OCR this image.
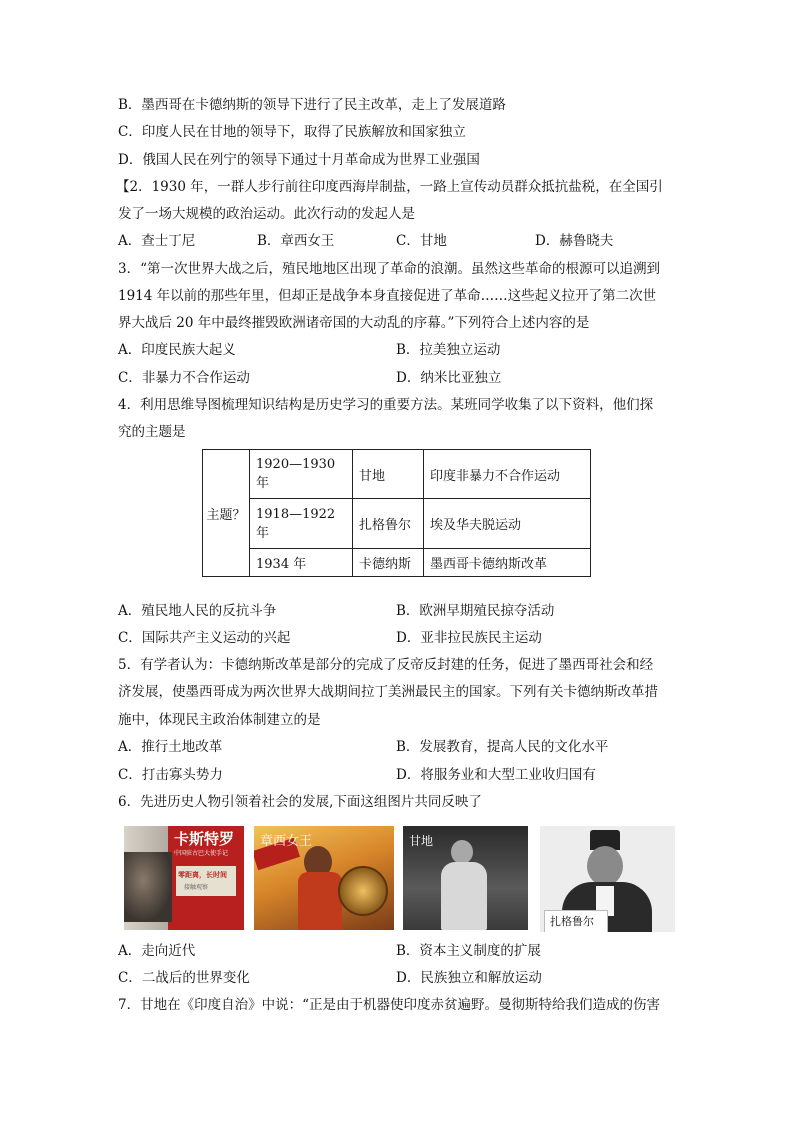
B．墨西哥在卡德纳斯的领导下进行了民主改革，走上了发展道路
C．印度人民在甘地的领导下，取得了民族解放和国家独立
D．俄国人民在列宁的领导下通过十月革命成为世界工业强国
【2．1930 年，一群人步行前往印度西海岸制盐，一路上宣传动员群众抵抗盐税，在全国引
发了一场大规模的政治运动。此次行动的发起人是
A．查士丁尼	B．章西女王	C．甘地	D．赫鲁晓夫
3．“第一次世界大战之后，殖民地地区出现了革命的浪潮。虽然这些革命的根源可以追溯到
1914 年以前的那些年里，但却正是战争本身直接促进了革命……这些起义拉开了第二次世
界大战后 20 年中最终摧毁欧洲诸帝国的大动乱的序幕。”下列符合上述内容的是
A．印度民族大起义	B．拉美独立运动
C．非暴力不合作运动	D．纳米比亚独立
4．利用思维导图梳理知识结构是历史学习的重要方法。某班同学收集了以下资料，他们探
究的主题是
主题？	1920—1930 年	甘地	印度非暴力不合作运动
	1918—1922 年	扎格鲁尔	埃及华夫脱运动
	1934 年	卡德纳斯	墨西哥卡德纳斯改革
A．殖民地人民的反抗斗争	B．欧洲早期殖民掠夺活动
C．国际共产主义运动的兴起	D．亚非拉民族民主运动
5．有学者认为：卡德纳斯改革是部分的完成了反帝反封建的任务，促进了墨西哥社会和经
济发展，使墨西哥成为两次世界大战期间拉丁美洲最民主的国家。下列有关卡德纳斯改革措
施中，体现民主政治体制建立的是
A．推行土地改革	B．发展教育，提高人民的文化水平
C．打击寡头势力	D．将服务业和大型工业收归国有
6．先进历史人物引领着社会的发展,下面这组图片共同反映了
卡斯特罗
中国驻古巴大使手记
零距离，长时间
接触观察
章西女王	甘地
扎格鲁尔
A．走向近代	B．资本主义制度的扩展
C．二战后的世界变化	D．民族独立和解放运动
7．甘地在《印度自治》中说：“正是由于机器使印度赤贫遍野。曼彻斯特给我们造成的伤害
